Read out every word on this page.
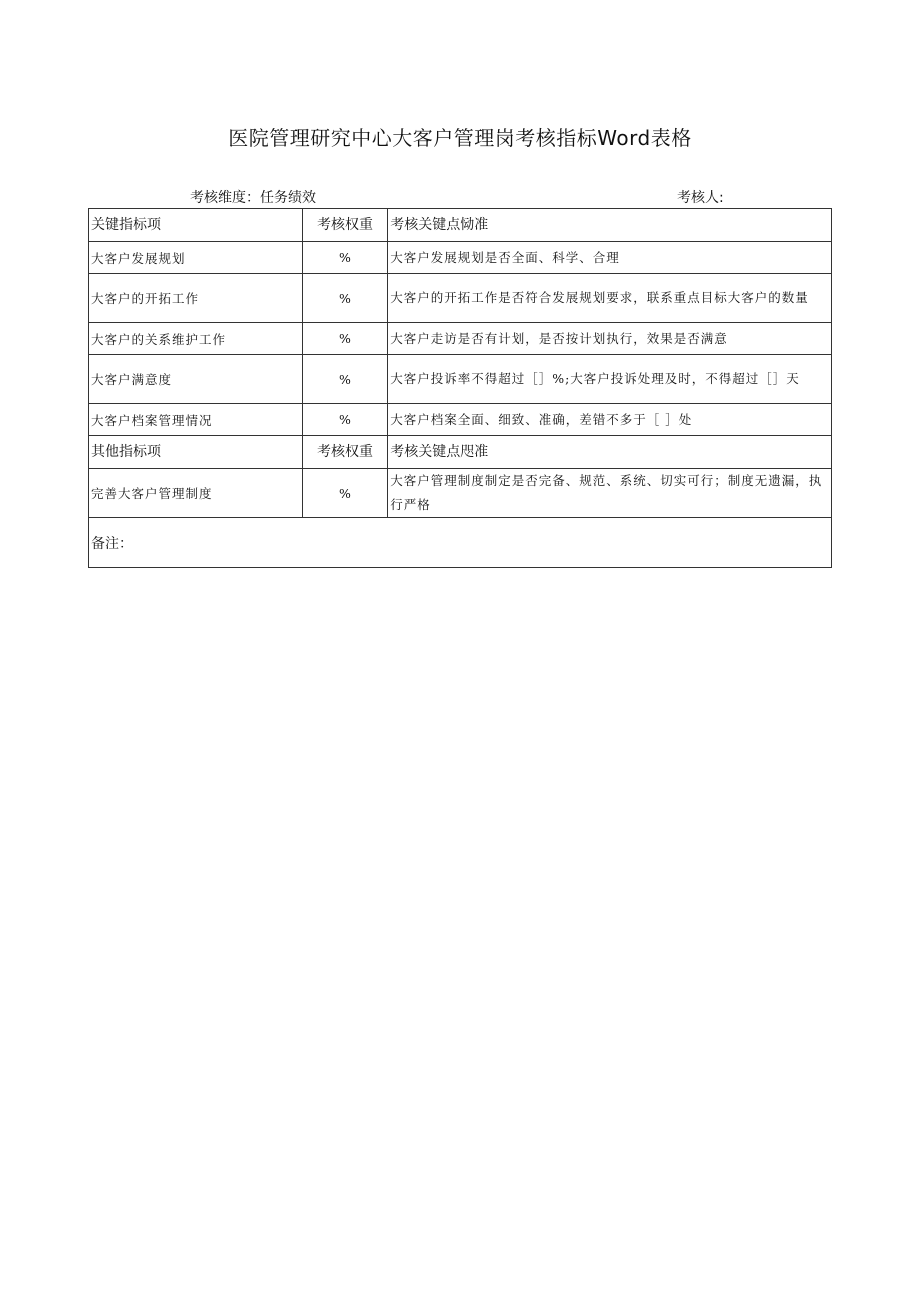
医院管理研究中心大客户管理岗考核指标Word表格
考核维度：任务绩效	考核人:
关键指标项	考核权重	考核关键点恸准
大客户发展规划	%	大客户发展规划是否全面、科学、合理
大客户的开拓工作	%	大客户的开拓工作是否符合发展规划要求，联系重点目标大客户的数量
大客户的关系维护工作	%	大客户走访是否有计划，是否按计划执行，效果是否满意
大客户满意度	%	大客户投诉率不得超过［］%;大客户投诉处理及时，不得超过［］天
大客户档案管理情况	%	大客户档案全面、细致、准确，差错不多于［ ］处
其他指标项	考核权重	考核关键点咫准
完善大客户管理制度	%	大客户管理制度制定是否完备、规范、系统、切实可行；制度无遗漏，执行严格
备注：		
